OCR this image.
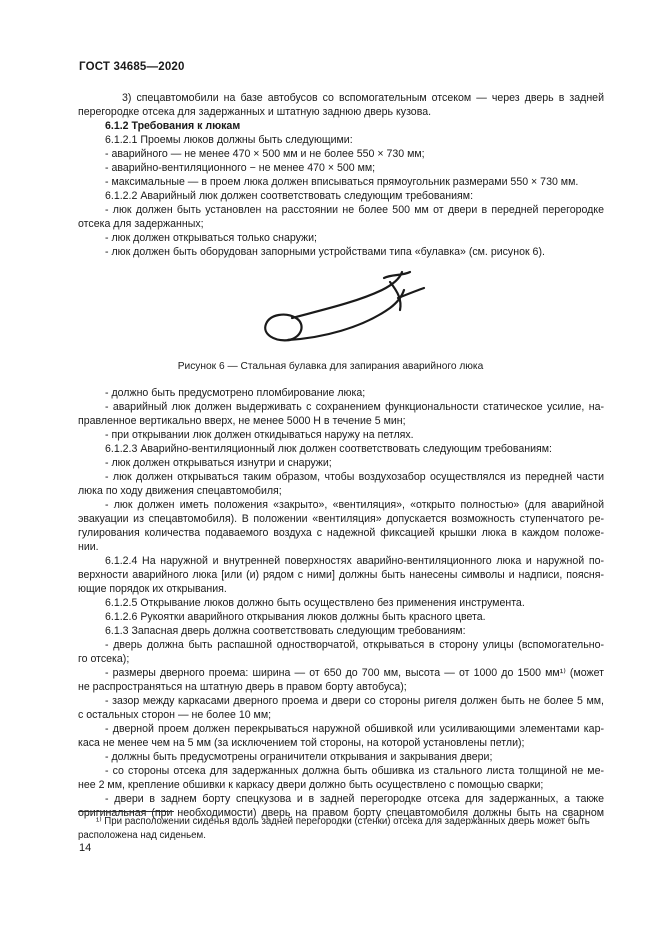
ГОСТ 34685—2020
3) спецавтомобили на базе автобусов со вспомогательным отсеком — через дверь в задней
перегородке отсека для задержанных и штатную заднюю дверь кузова.
6.1.2 Требования к люкам
6.1.2.1 Проемы люков должны быть следующими:
- аварийного — не менее 470 × 500 мм и не более 550 × 730 мм;
- аварийно-вентиляционного − не менее 470 × 500 мм;
- максимальные — в проем люка должен вписываться прямоугольник размерами 550 × 730 мм.
6.1.2.2 Аварийный люк должен соответствовать следующим требованиям:
- люк должен быть установлен на расстоянии не более 500 мм от двери в передней перегородке
отсека для задержанных;
- люк должен открываться только снаружи;
- люк должен быть оборудован запорными устройствами типа «булавка» (см. рисунок 6).
Рисунок 6 — Стальная булавка для запирания аварийного люка
- должно быть предусмотрено пломбирование люка;
- аварийный люк должен выдерживать с сохранением функциональности статическое усилие, на-
правленное вертикально вверх, не менее 5000 Н в течение 5 мин;
- при открывании люк должен откидываться наружу на петлях.
6.1.2.3 Аварийно-вентиляционный люк должен соответствовать следующим требованиям:
- люк должен открываться изнутри и снаружи;
- люк должен открываться таким образом, чтобы воздухозабор осуществлялся из передней части
люка по ходу движения спецавтомобиля;
- люк должен иметь положения «закрыто», «вентиляция», «открыто полностью» (для аварийной
эвакуации из спецавтомобиля). В положении «вентиляция» допускается возможность ступенчатого ре-
гулирования количества подаваемого воздуха с надежной фиксацией крышки люка в каждом положе-
нии.
6.1.2.4 На наружной и внутренней поверхностях аварийно-вентиляционного люка и наружной по-
верхности аварийного люка [или (и) рядом с ними] должны быть нанесены символы и надписи, поясня-
ющие порядок их открывания.
6.1.2.5 Открывание люков должно быть осуществлено без применения инструмента.
6.1.2.6 Рукоятки аварийного открывания люков должны быть красного цвета.
6.1.3 Запасная дверь должна соответствовать следующим требованиям:
- дверь должна быть распашной одностворчатой, открываться в сторону улицы (вспомогательно-
го отсека);
- размеры дверного проема: ширина — от 650 до 700 мм, высота — от 1000 до 1500 мм¹⁾ (может
не распространяться на штатную дверь в правом борту автобуса);
- зазор между каркасами дверного проема и двери со стороны ригеля должен быть не более 5 мм,
с остальных сторон — не более 10 мм;
- дверной проем должен перекрываться наружной обшивкой или усиливающими элементами кар-
каса не менее чем на 5 мм (за исключением той стороны, на которой установлены петли);
- должны быть предусмотрены ограничители открывания и закрывания двери;
- со стороны отсека для задержанных должна быть обшивка из стального листа толщиной не ме-
нее 2 мм, крепление обшивки к каркасу двери должно быть осуществлено с помощью сварки;
- двери в заднем борту спецкузова и в задней перегородке отсека для задержанных, а также
оригинальная (при необходимости) дверь на правом борту спецавтомобиля должны быть на сварном
¹⁾ При расположении сиденья вдоль задней перегородки (стенки) отсека для задержанных дверь может быть
расположена над сиденьем.
14
